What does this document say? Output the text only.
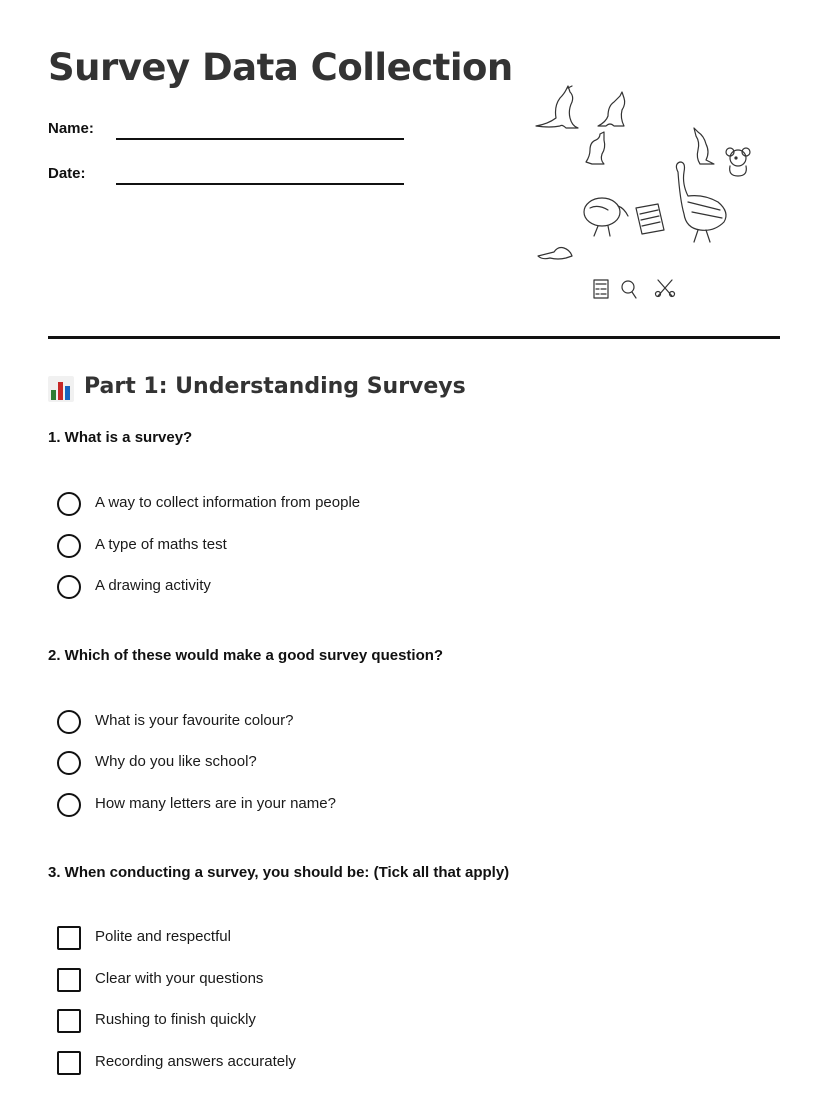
Survey Data Collection
Name:
Date:
Part 1: Understanding Surveys
1. What is a survey?
A way to collect information from people
A type of maths test
A drawing activity
2. Which of these would make a good survey question?
What is your favourite colour?
Why do you like school?
How many letters are in your name?
3. When conducting a survey, you should be: (Tick all that apply)
Polite and respectful
Clear with your questions
Rushing to finish quickly
Recording answers accurately
